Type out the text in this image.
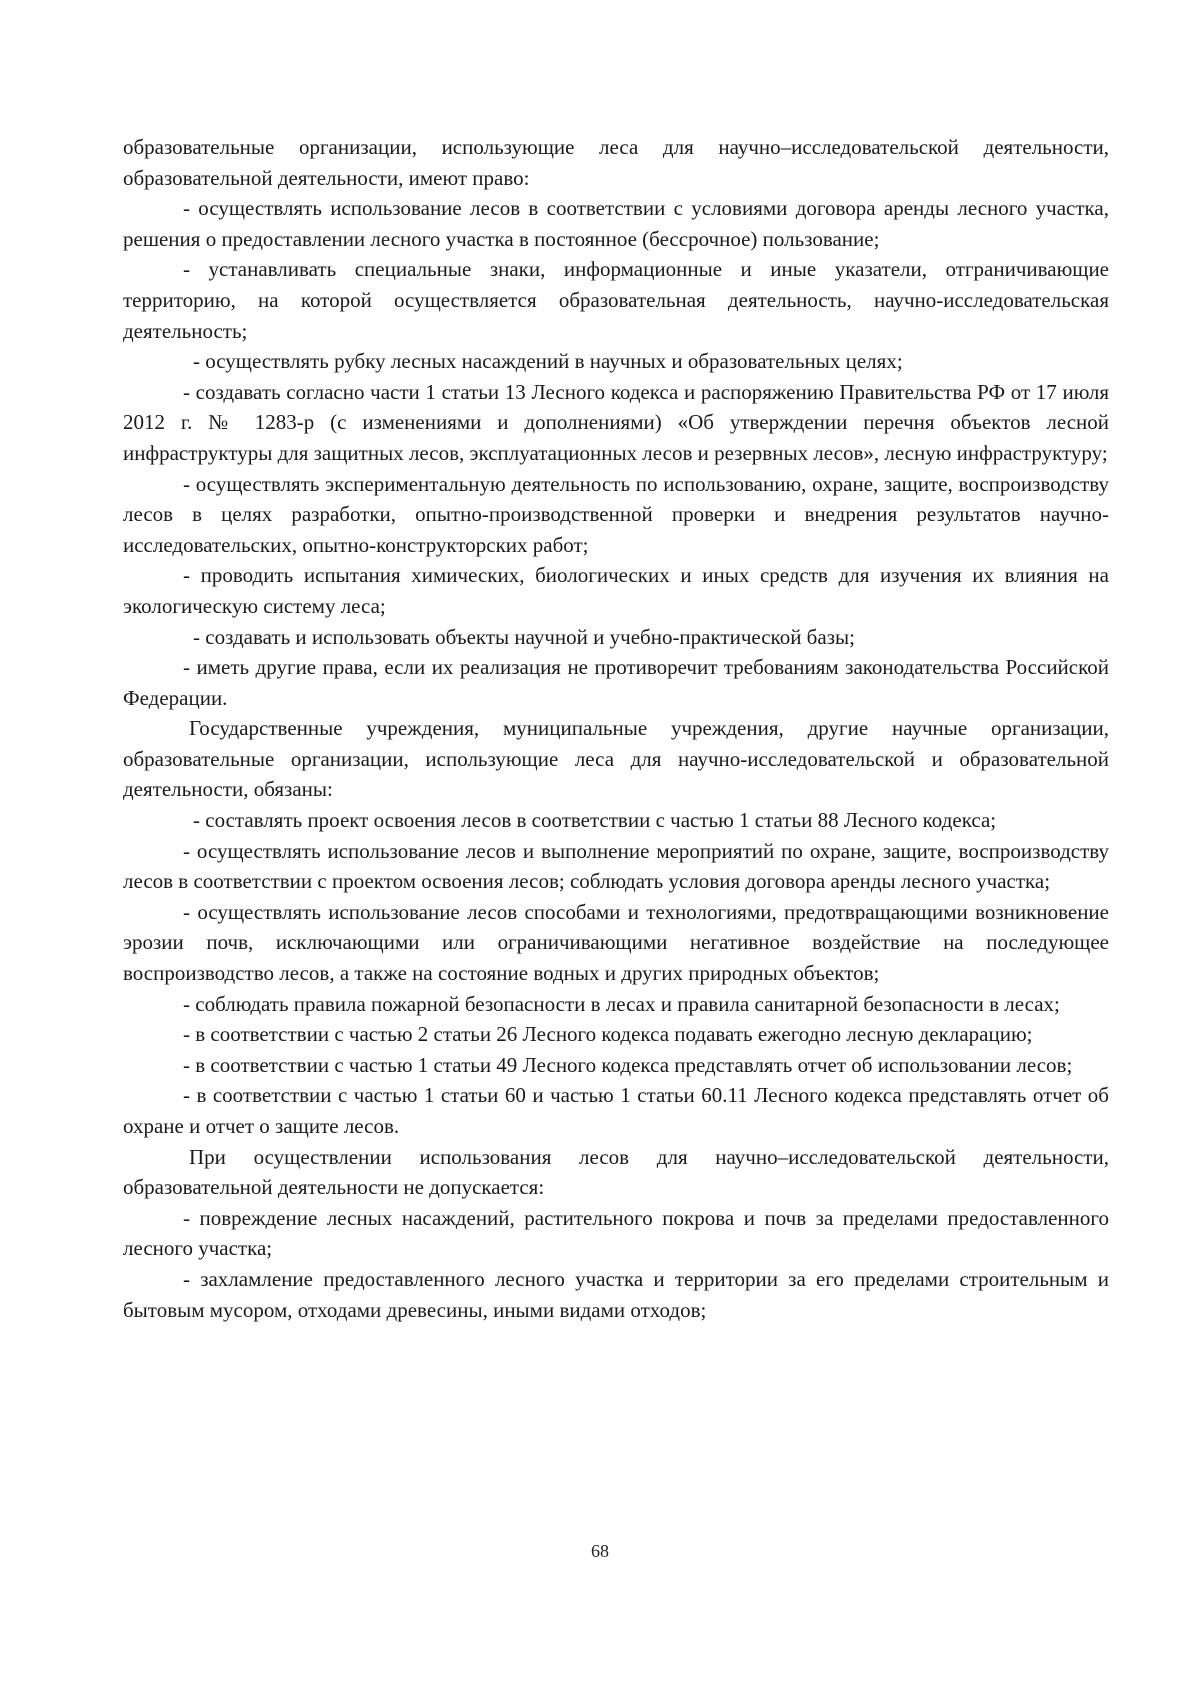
образовательные организации, использующие леса для научно–исследовательской деятельности, образовательной деятельности, имеют право:

- осуществлять использование лесов в соответствии с условиями договора аренды лесного участка, решения о предоставлении лесного участка в постоянное (бессрочное) пользование;

- устанавливать специальные знаки, информационные и иные указатели, отграничивающие территорию, на которой осуществляется образовательная деятельность, научно-исследовательская деятельность;

- осуществлять рубку лесных насаждений в научных и образовательных целях;

- создавать согласно части 1 статьи 13 Лесного кодекса и распоряжению Правительства РФ от 17 июля 2012 г. № 1283-р (с изменениями и дополнениями) «Об утверждении перечня объектов лесной инфраструктуры для защитных лесов, эксплуатационных лесов и резервных лесов», лесную инфраструктуру;

- осуществлять экспериментальную деятельность по использованию, охране, защите, воспроизводству лесов в целях разработки, опытно-производственной проверки и внедрения результатов научно-исследовательских, опытно-конструкторских работ;

- проводить испытания химических, биологических и иных средств для изучения их влияния на экологическую систему леса;

- создавать и использовать объекты научной и учебно-практической базы;

- иметь другие права, если их реализация не противоречит требованиям законодательства Российской Федерации.

Государственные учреждения, муниципальные учреждения, другие научные организации, образовательные организации, использующие леса для научно-исследовательской и образовательной деятельности, обязаны:

- составлять проект освоения лесов в соответствии с частью 1 статьи 88 Лесного кодекса;

- осуществлять использование лесов и выполнение мероприятий по охране, защите, воспроизводству лесов в соответствии с проектом освоения лесов; соблюдать условия договора аренды лесного участка;

- осуществлять использование лесов способами и технологиями, предотвращающими возникновение эрозии почв, исключающими или ограничивающими негативное воздействие на последующее воспроизводство лесов, а также на состояние водных и других природных объектов;

- соблюдать правила пожарной безопасности в лесах и правила санитарной безопасности в лесах;

- в соответствии с частью 2 статьи 26 Лесного кодекса подавать ежегодно лесную декларацию;

- в соответствии с частью 1 статьи 49 Лесного кодекса представлять отчет об использовании лесов;

- в соответствии с частью 1 статьи 60 и частью 1 статьи 60.11 Лесного кодекса представлять отчет об охране и отчет о защите лесов.

При осуществлении использования лесов для научно–исследовательской деятельности, образовательной деятельности не допускается:

- повреждение лесных насаждений, растительного покрова и почв за пределами предоставленного лесного участка;

- захламление предоставленного лесного участка и территории за его пределами строительным и бытовым мусором, отходами древесины, иными видами отходов;

68
